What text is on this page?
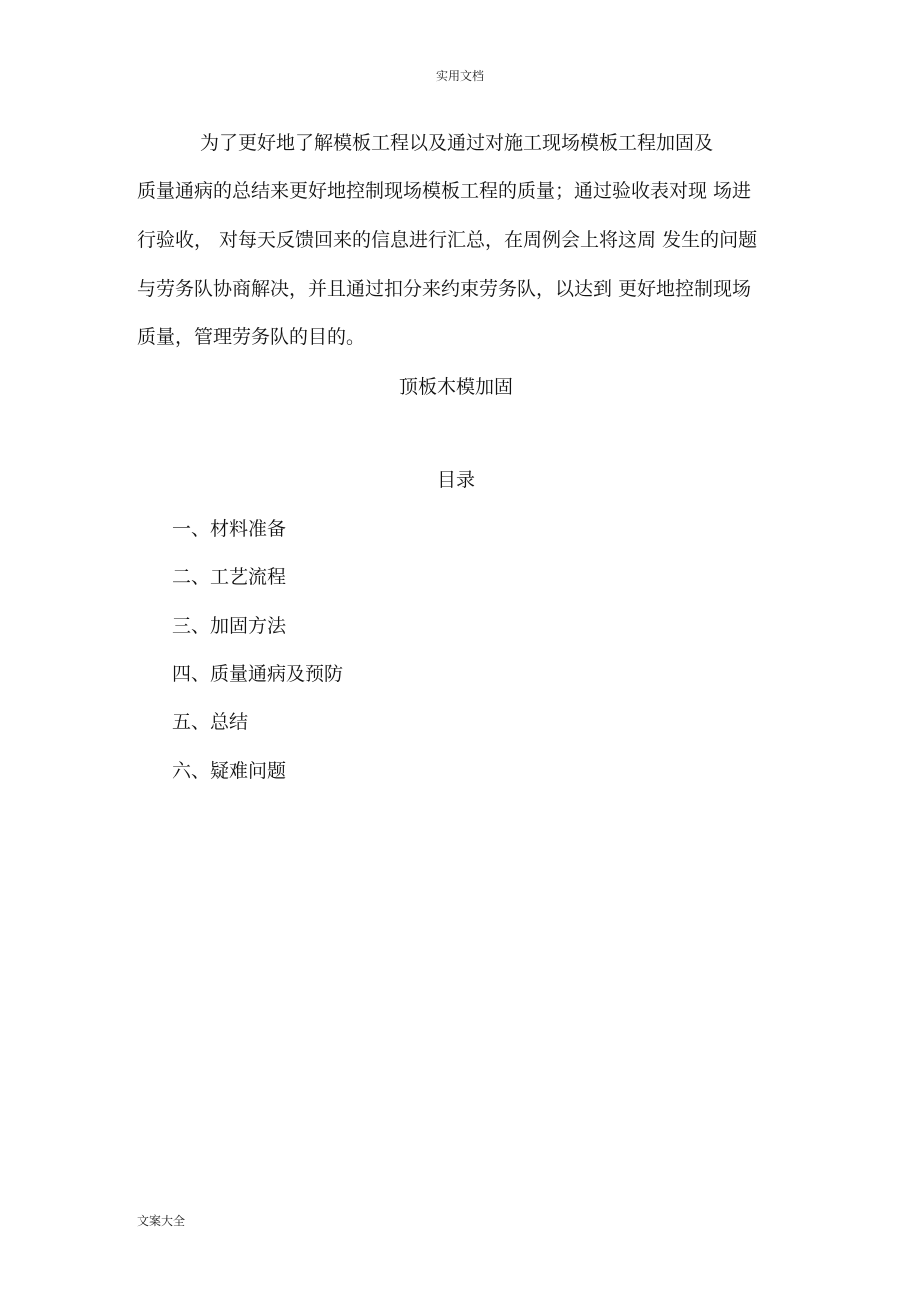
实用文档
为了更好地了解模板工程以及通过对施工现场模板工程加固及
质量通病的总结来更好地控制现场模板工程的质量；通过验收表对现 场进
行验收， 对每天反馈回来的信息进行汇总，在周例会上将这周 发生的问题
与劳务队协商解决，并且通过扣分来约束劳务队，以达到 更好地控制现场
质量，管理劳务队的目的。
顶板木模加固
目录
一、材料准备
二、工艺流程
三、加固方法
四、质量通病及预防
五、总结
六、疑难问题
文案大全
